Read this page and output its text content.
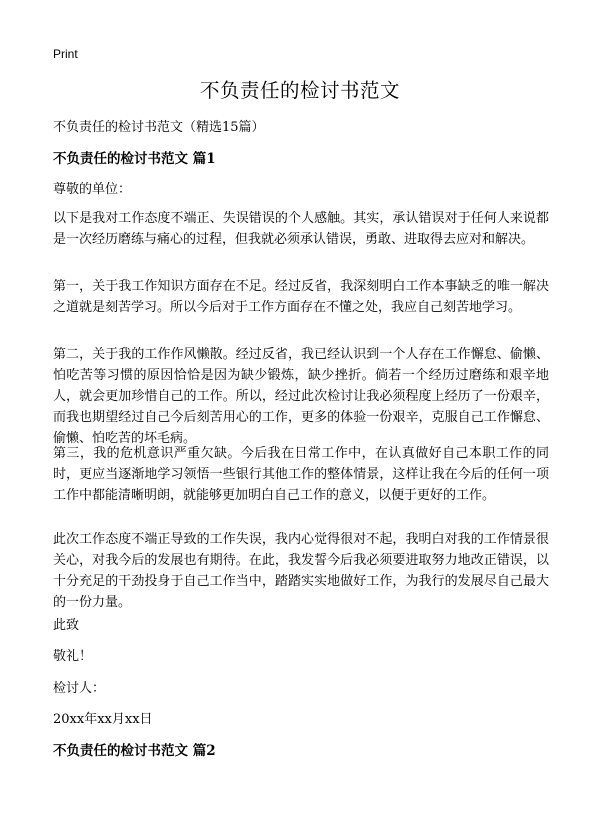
Print
不负责任的检讨书范文
不负责任的检讨书范文（精选15篇）
不负责任的检讨书范文 篇1
尊敬的单位：

以下是我对工作态度不端正、失误错误的个人感触。其实，承认错误对于任何人来说都是一次经历磨练与痛心的过程，但我就必须承认错误，勇敢、进取得去应对和解决。

第一，关于我工作知识方面存在不足。经过反省，我深刻明白工作本事缺乏的唯一解决之道就是刻苦学习。所以今后对于工作方面存在不懂之处，我应自己刻苦地学习。

第二，关于我的工作作风懒散。经过反省，我已经认识到一个人存在工作懈怠、偷懒、怕吃苦等习惯的原因恰恰是因为缺少锻炼，缺少挫折。倘若一个经历过磨练和艰辛地人，就会更加珍惜自己的工作。所以，经过此次检讨让我必须程度上经历了一份艰辛，而我也期望经过自己今后刻苦用心的工作，更多的体验一份艰辛，克服自己工作懈怠、偷懒、怕吃苦的坏毛病。

第三，我的危机意识严重欠缺。今后我在日常工作中，在认真做好自己本职工作的同时，更应当逐渐地学习领悟一些银行其他工作的整体情景，这样让我在今后的任何一项工作中都能清晰明朗，就能够更加明白自己工作的意义，以便于更好的工作。

此次工作态度不端正导致的工作失误，我内心觉得很对不起，我明白对我的工作情景很关心，对我今后的发展也有期待。在此，我发誓今后我必须要进取努力地改正错误，以十分充足的干劲投身于自己工作当中，踏踏实实地做好工作，为我行的发展尽自己最大的一份力量。

此致
敬礼！
检讨人：
20xx年xx月xx日
不负责任的检讨书范文 篇2
